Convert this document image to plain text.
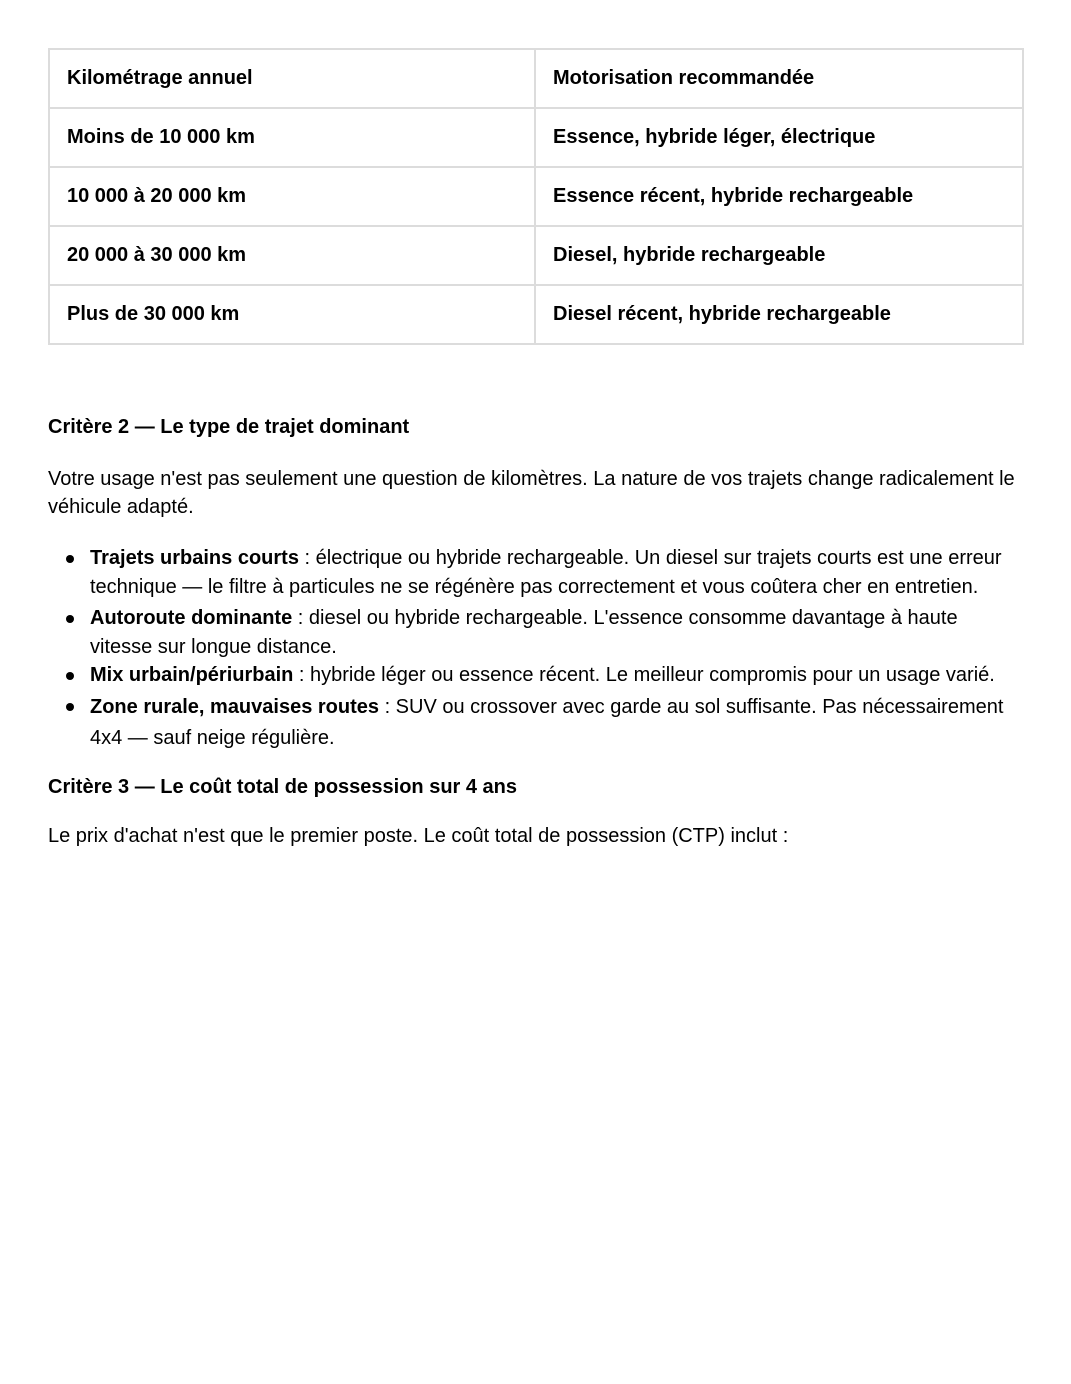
Kilométrage annuel	Motorisation recommandée
Moins de 10 000 km	Essence, hybride léger, électrique
10 000 à 20 000 km	Essence récent, hybride rechargeable
20 000 à 30 000 km	Diesel, hybride rechargeable
Plus de 30 000 km	Diesel récent, hybride rechargeable
Critère 2 — Le type de trajet dominant

Votre usage n'est pas seulement une question de kilomètres. La nature de vos trajets change radicalement le véhicule adapté.

Trajets urbains courts : électrique ou hybride rechargeable. Un diesel sur trajets courts est une erreur technique — le filtre à particules ne se régénère pas correctement et vous coûtera cher en entretien.
Autoroute dominante : diesel ou hybride rechargeable. L'essence consomme davantage à haute vitesse sur longue distance.
Mix urbain/périurbain : hybride léger ou essence récent. Le meilleur compromis pour un usage varié.
Zone rurale, mauvaises routes : SUV ou crossover avec garde au sol suffisante. Pas nécessairement 4x4 — sauf neige régulière.
Critère 3 — Le coût total de possession sur 4 ans

Le prix d'achat n'est que le premier poste. Le coût total de possession (CTP) inclut :
